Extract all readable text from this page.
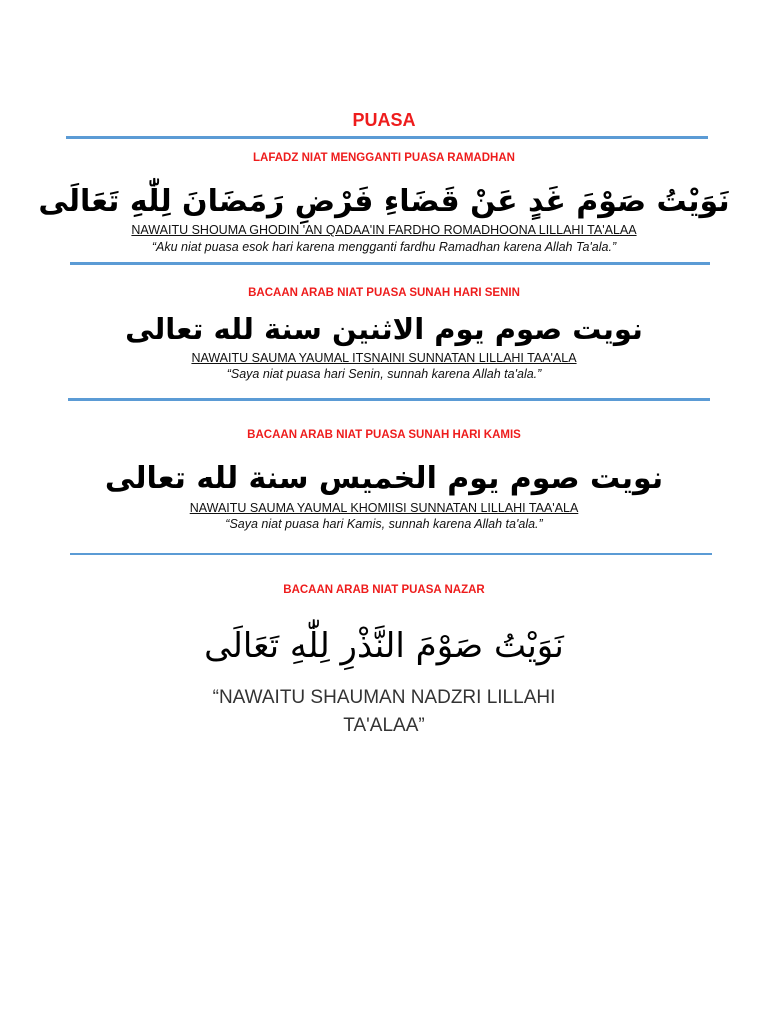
PUASA
LAFADZ NIAT MENGGANTI PUASA RAMADHAN
نَوَيْتُ صَوْمَ غَدٍ عَنْ قَضَاءِ فَرْضِ رَمَضَانَ لِلّٰهِ تَعَالَى
NAWAITU SHOUMA GHODIN 'AN QADAA'IN FARDHO ROMADHOONA LILLAHI TA'ALAA
“Aku niat puasa esok hari karena mengganti fardhu Ramadhan karena Allah Ta'ala.”
BACAAN ARAB NIAT PUASA SUNAH HARI SENIN
نويت صوم يوم الاثنين سنة لله تعالى
NAWAITU SAUMA YAUMAL ITSNAINI SUNNATAN LILLAHI TAA'ALA
“Saya niat puasa hari Senin, sunnah karena Allah ta'ala.”
BACAAN ARAB NIAT PUASA SUNAH HARI KAMIS
نويت صوم يوم الخميس سنة لله تعالى
NAWAITU SAUMA YAUMAL KHOMIISI SUNNATAN LILLAHI TAA'ALA
“Saya niat puasa hari Kamis, sunnah karena Allah ta'ala.”
BACAAN ARAB NIAT PUASA NAZAR
نَوَيْتُ صَوْمَ النَّذْرِ لِلّٰهِ تَعَالَى
“NAWAITU SHAUMAN NADZRI LILLAHI
TA'ALAA”
